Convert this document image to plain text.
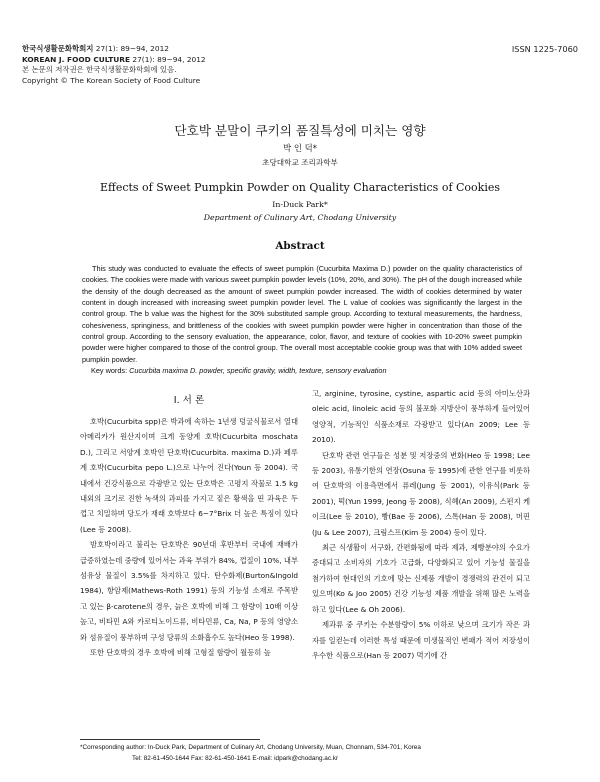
한국식생활문화학회지 27(1): 89~94, 2012
KOREAN J. FOOD CULTURE 27(1): 89~94, 2012
본 논문의 저작권은 한국식생활문화학회에 있음.
Copyright © The Korean Society of Food Culture
ISSN 1225-7060
단호박 분말이 쿠키의 품질특성에 미치는 영향
박 인 덕*
초당대학교 조리과학부
Effects of Sweet Pumpkin Powder on Quality Characteristics of Cookies
In-Duck Park*
Department of Culinary Art, Chodang University
Abstract
This study was conducted to evaluate the effects of sweet pumpkin (Cucurbita Maxima D.) powder on the quality characteristics of cookies. The cookies were made with various sweet pumpkin powder levels (10%, 20%, and 30%). The pH of the dough increased while the density of the dough decreased as the amount of sweet pumpkin powder increased. The width of cookies determined by water content in dough increased with increasing sweet pumpkin powder level. The L value of cookies was significantly the largest in the control group. The b value was the highest for the 30% substituted sample group. According to textural measurements, the hardness, cohesiveness, springiness, and brittleness of the cookies with sweet pumpkin powder were higher in concentration than those of the control group. According to the sensory evaluation, the appearance, color, flavor, and texture of cookies with 10-20% sweet pumpkin powder were higher compared to those of the control group. The overall most acceptable cookie group was that with 10% added sweet pumpkin powder.
Key words: Cucurbita maxima D. powder, specific gravity, width, texture, sensory evaluation
I. 서 론

호박(Cucurbita spp)은 박과에 속하는 1년생 덩굴식물로서 열대 아메리카가 원산지이며 크게 동양계 호박(Cucurbita moschata D.), 그리고 서양계 호박인 단호박(Cucurbita. maxima D.)과 페루계 호박(Cucurbita pepo L.)으로 나누어 진다(Youn 등 2004). 국내에서 건강식품으로 각광받고 있는 단호박은 고평지 작물로 1.5 kg 내외의 크기로 진한 녹색의 과피를 가지고 짙은 황색을 띤 과육은 두껍고 치밀하며 당도가 재래 호박보다 6~7°Brix 더 높은 특징이 있다(Lee 등 2008).

밤호박이라고 불리는 단호박은 90년대 후반부터 국내에 재배가 급증하였는데 중량에 있어서는 과육 부위가 84%, 껍질이 10%, 내부 섬유상 물질이 3.5%를 차지하고 있다. 탄수화제(Burton&Ingold 1984), 항암제(Mathews-Roth 1991) 등의 기능성 소재로 주목받고 있는 β-carotene의 경우, 늙은 호박에 비해 그 함량이 10배 이상 높고, 비타민 A와 카로티노이드류, 비타민류, Ca, Na, P 등의 영양소와 섬유질이 풍부하며 구성 당류의 소화흡수도 높다(Heo 등 1998).

또한 단호박의 경우 호박에 비해 고형질 함량이 월등히 높

고, arginine, tyrosine, cystine, aspartic acid 등의 아미노산과 oleic acid, linoleic acid 등의 불포화 지방산이 풍부하게 들어있어 영양적, 기능적인 식품소재로 각광받고 있다(An 2009; Lee 등 2010).

단호박 관련 연구들은 성분 및 저장중의 변화(Heo 등 1998; Lee 등 2003), 유통기한의 연장(Osuna 등 1995)에 관한 연구를 비롯하여 단호박의 이용측면에서 퓨레(Jung 등 2001), 이유식(Park 등 2001), 떡(Yun 1999, Jeong 등 2008), 식혜(An 2009), 스펀지 케이크(Lee 등 2010), 빵(Bae 등 2006), 스톡(Han 등 2008), 머핀(Ju & Lee 2007), 크림스프(Kim 등 2004) 등이 있다.

최근 식생활이 서구화, 간편화됨에 따라 제과, 제빵분야의 수요가 증대되고 소비자의 기호가 고급화, 다양화되고 있어 기능성 물질을 첨가하여 현대인의 기호에 맞는 신제품 개발이 경쟁력의 관건이 되고 있으며(Ko & Joo 2005) 건강 기능성 제품 개발을 위해 많은 노력을 하고 있다(Lee & Oh 2006).

제과류 중 쿠키는 수분함량이 5% 이하로 낮으며 크기가 작은 과자를 일컫는데 이러한 특성 때문에 미생물적인 변패가 적어 저장성이 우수한 식품으로(Han 등 2007) 먹기에 간

*Corresponding author: In-Duck Park, Department of Culinary Art, Chodang University, Muan, Chonnam, 534-701, Korea
Tel: 82-61-450-1644 Fax: 82-61-450-1641 E-mail: idpark@chodang.ac.kr
